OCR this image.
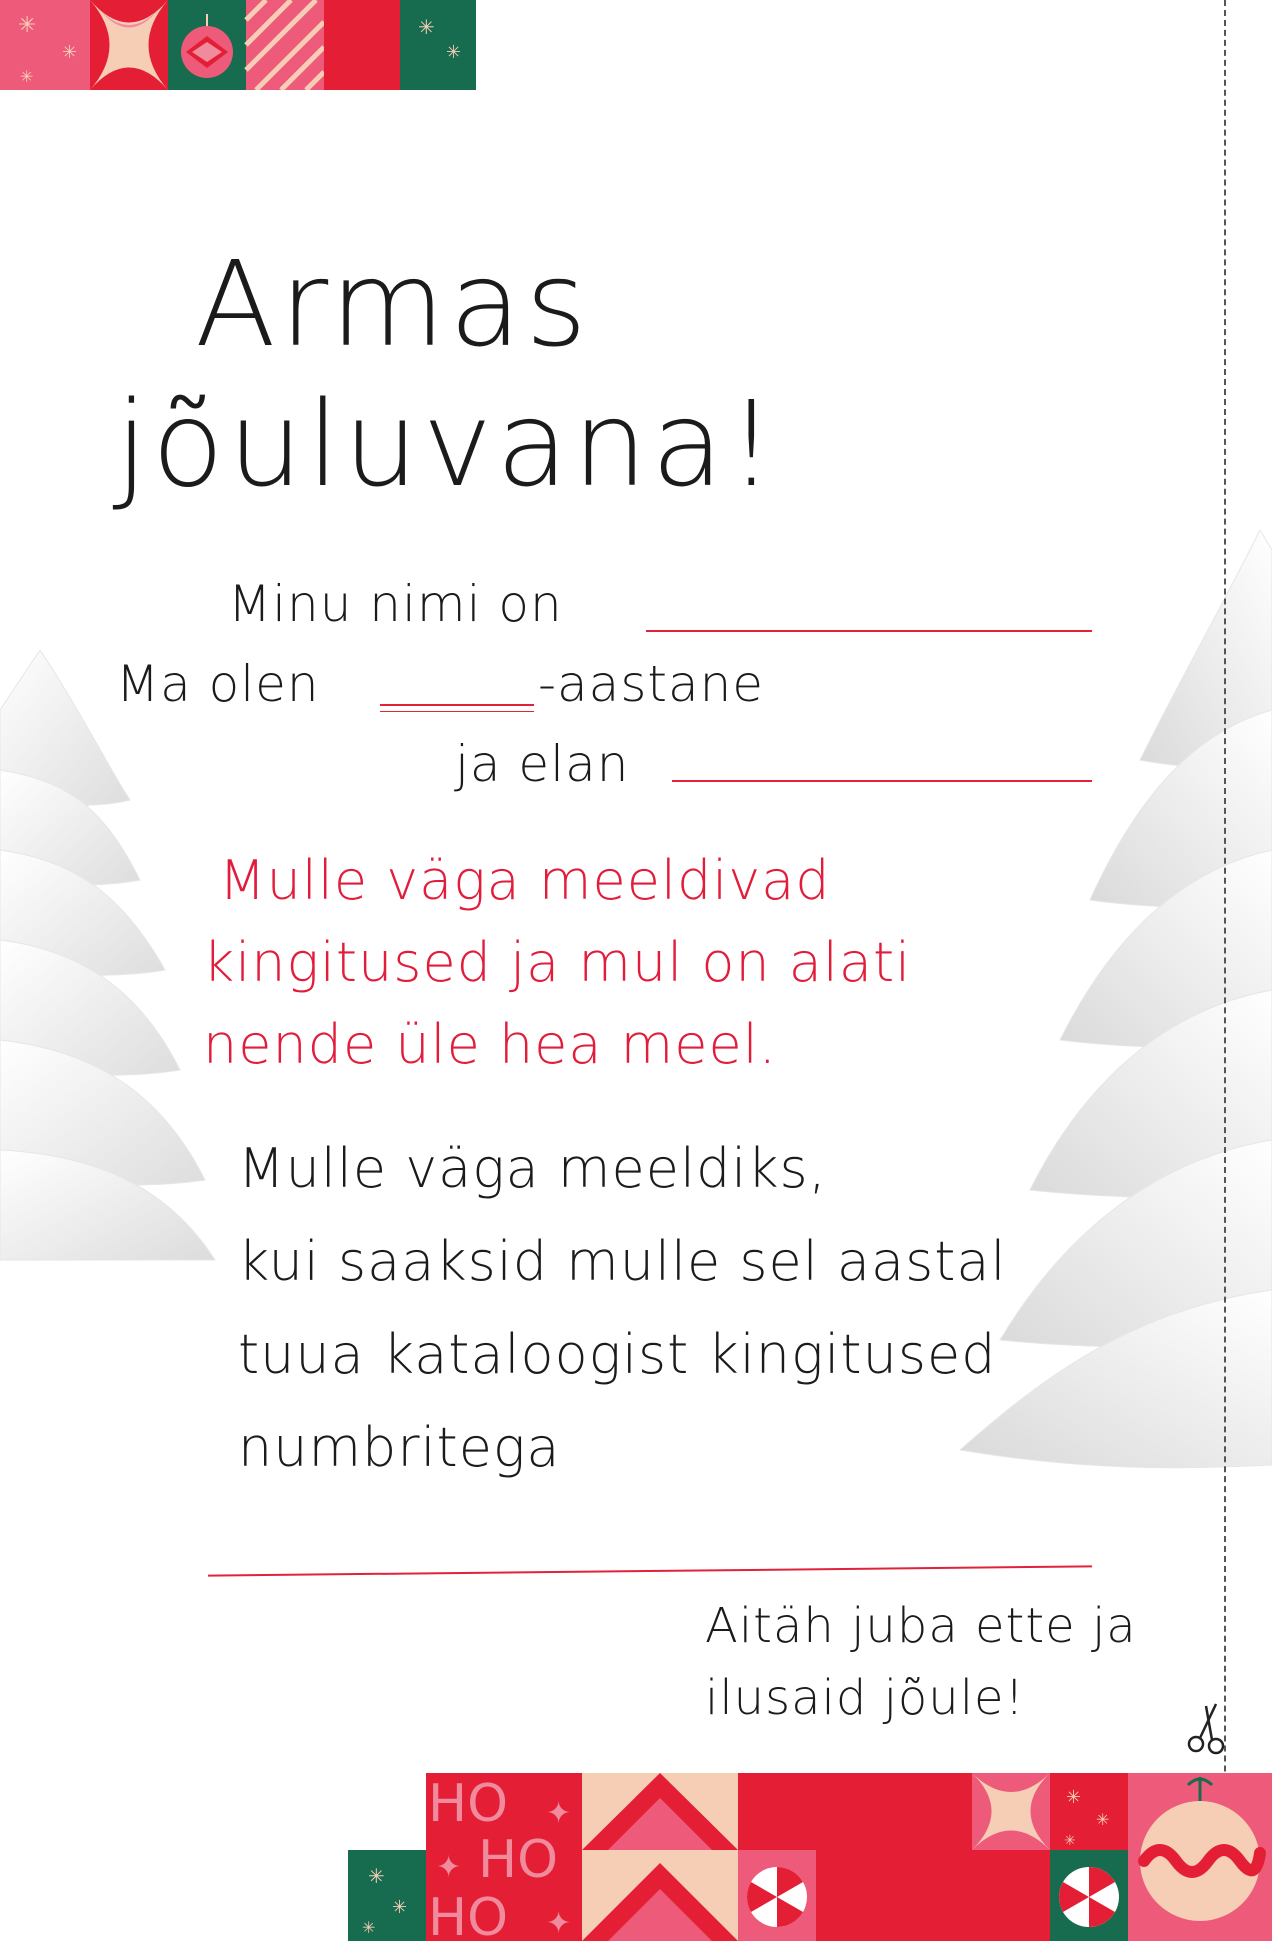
✳
✳
✳
✳
✳
✳
✳
✳
HO
HO
HO
✦
✦
✦
✳
✳
✳
Armas
jõuluvana!
Minu nimi on
Ma olen	-aastane
ja elan
Mulle väga meeldivad
kingitused ja mul on alati
nende üle hea meel.
Mulle väga meeldiks,
kui saaksid mulle sel aastal
tuua kataloogist kingitused
numbritega
Aitäh juba ette ja
ilusaid jõule!
